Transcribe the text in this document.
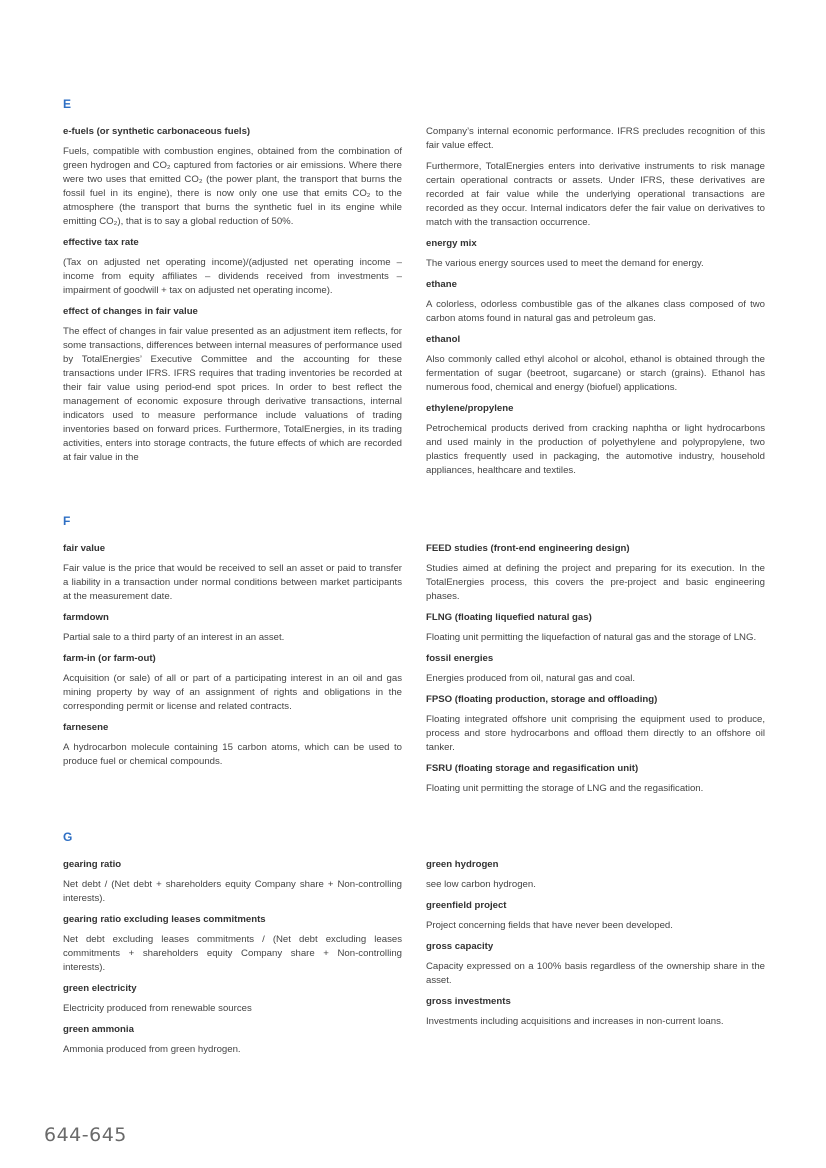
E
e-fuels (or synthetic carbonaceous fuels)
Fuels, compatible with combustion engines, obtained from the combination of green hydrogen and CO₂ captured from factories or air emissions. Where there were two uses that emitted CO₂ (the power plant, the transport that burns the fossil fuel in its engine), there is now only one use that emits CO₂ to the atmosphere (the transport that burns the synthetic fuel in its engine while emitting CO₂), that is to say a global reduction of 50%.
effective tax rate
(Tax on adjusted net operating income)/(adjusted net operating income – income from equity affiliates – dividends received from investments – impairment of goodwill + tax on adjusted net operating income).
effect of changes in fair value
The effect of changes in fair value presented as an adjustment item reflects, for some transactions, differences between internal measures of performance used by TotalEnergies’ Executive Committee and the accounting for these transactions under IFRS. IFRS requires that trading inventories be recorded at their fair value using period-end spot prices. In order to best reflect the management of economic exposure through derivative transactions, internal indicators used to measure performance include valuations of trading inventories based on forward prices. Furthermore, TotalEnergies, in its trading activities, enters into storage contracts, the future effects of which are recorded at fair value in the
Company’s internal economic performance. IFRS precludes recognition of this fair value effect.
Furthermore, TotalEnergies enters into derivative instruments to risk manage certain operational contracts or assets. Under IFRS, these derivatives are recorded at fair value while the underlying operational transactions are recorded as they occur. Internal indicators defer the fair value on derivatives to match with the transaction occurrence.
energy mix
The various energy sources used to meet the demand for energy.
ethane
A colorless, odorless combustible gas of the alkanes class composed of two carbon atoms found in natural gas and petroleum gas.
ethanol
Also commonly called ethyl alcohol or alcohol, ethanol is obtained through the fermentation of sugar (beetroot, sugarcane) or starch (grains). Ethanol has numerous food, chemical and energy (biofuel) applications.
ethylene/propylene
Petrochemical products derived from cracking naphtha or light hydrocarbons and used mainly in the production of polyethylene and polypropylene, two plastics frequently used in packaging, the automotive industry, household appliances, healthcare and textiles.
F
fair value
Fair value is the price that would be received to sell an asset or paid to transfer a liability in a transaction under normal conditions between market participants at the measurement date.
farmdown
Partial sale to a third party of an interest in an asset.
farm-in (or farm-out)
Acquisition (or sale) of all or part of a participating interest in an oil and gas mining property by way of an assignment of rights and obligations in the corresponding permit or license and related contracts.
farnesene
A hydrocarbon molecule containing 15 carbon atoms, which can be used to produce fuel or chemical compounds.
FEED studies (front-end engineering design)
Studies aimed at defining the project and preparing for its execution. In the TotalEnergies process, this covers the pre-project and basic engineering phases.
FLNG (floating liquefied natural gas)
Floating unit permitting the liquefaction of natural gas and the storage of LNG.
fossil energies
Energies produced from oil, natural gas and coal.
FPSO (floating production, storage and offloading)
Floating integrated offshore unit comprising the equipment used to produce, process and store hydrocarbons and offload them directly to an offshore oil tanker.
FSRU (floating storage and regasification unit)
Floating unit permitting the storage of LNG and the regasification.
G
gearing ratio
Net debt / (Net debt + shareholders equity Company share + Non-controlling interests).
gearing ratio excluding leases commitments
Net debt excluding leases commitments / (Net debt excluding leases commitments + shareholders equity Company share + Non-controlling interests).
green electricity
Electricity produced from renewable sources
green ammonia
Ammonia produced from green hydrogen.
green hydrogen
see low carbon hydrogen.
greenfield project
Project concerning fields that have never been developed.
gross capacity
Capacity expressed on a 100% basis regardless of the ownership share in the asset.
gross investments
Investments including acquisitions and increases in non-current loans.
644-645
